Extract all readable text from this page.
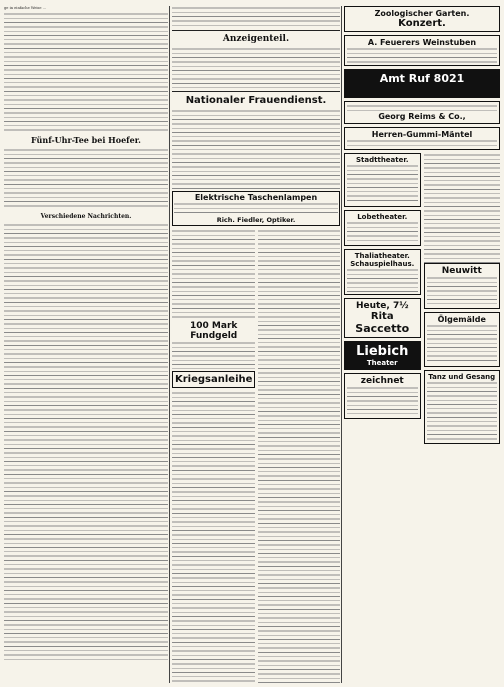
ge in einfache Weise ...
Fünf-Uhr-Tee bei Hoefer.
Verschiedene Nachrichten.
Anzeigenteil.
Nationaler Frauendienst.
Elektrische Taschenlampen
Rich. Fiedler, Optiker.
100 Mark Fundgeld
Kriegsanleihe
Zoologischer Garten.
Konzert.
A. Feuerers Weinstuben
Amt Ruf 8021
Georg Reims & Co.,
Herren-Gummi-Mäntel
Stadttheater.
Lobetheater.
Thaliatheater.
Schauspielhaus.
Heute, 7½
Rita
Saccetto
Liebich
Theater
zeichnet
Neuwitt
Ölgemälde
Tanz und Gesang
